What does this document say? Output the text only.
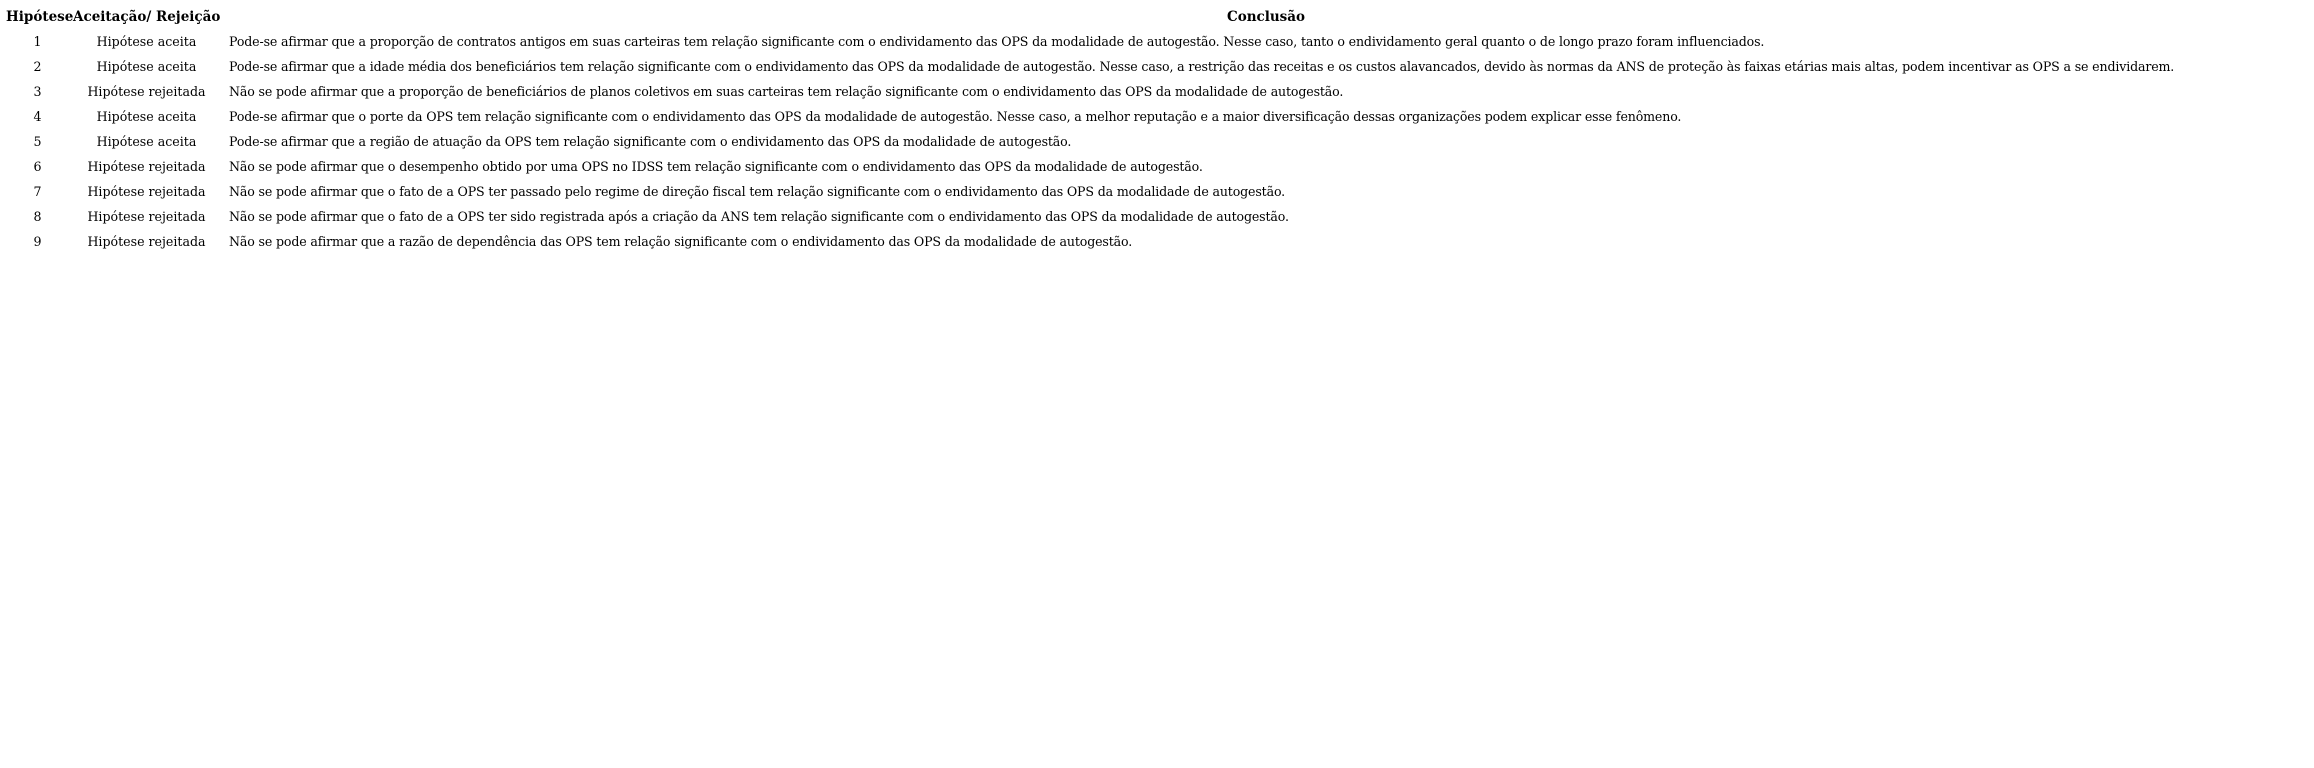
Hipótese	Aceitação/ Rejeição	Conclusão
1	Hipótese aceita	Pode-se afirmar que a proporção de contratos antigos em suas carteiras tem relação significante com o endividamento das OPS da modalidade de autogestão. Nesse caso, tanto o endividamento geral quanto o de longo prazo foram influenciados.
2	Hipótese aceita	Pode-se afirmar que a idade média dos beneficiários tem relação significante com o endividamento das OPS da modalidade de autogestão. Nesse caso, a restrição das receitas e os custos alavancados, devido às normas da ANS de proteção às faixas etárias mais altas, podem incentivar as OPS a se endividarem.
3	Hipótese rejeitada	Não se pode afirmar que a proporção de beneficiários de planos coletivos em suas carteiras tem relação significante com o endividamento das OPS da modalidade de autogestão.
4	Hipótese aceita	Pode-se afirmar que o porte da OPS tem relação significante com o endividamento das OPS da modalidade de autogestão. Nesse caso, a melhor reputação e a maior diversificação dessas organizações podem explicar esse fenômeno.
5	Hipótese aceita	Pode-se afirmar que a região de atuação da OPS tem relação significante com o endividamento das OPS da modalidade de autogestão.
6	Hipótese rejeitada	Não se pode afirmar que o desempenho obtido por uma OPS no IDSS tem relação significante com o endividamento das OPS da modalidade de autogestão.
7	Hipótese rejeitada	Não se pode afirmar que o fato de a OPS ter passado pelo regime de direção fiscal tem relação significante com o endividamento das OPS da modalidade de autogestão.
8	Hipótese rejeitada	Não se pode afirmar que o fato de a OPS ter sido registrada após a criação da ANS tem relação significante com o endividamento das OPS da modalidade de autogestão.
9	Hipótese rejeitada	Não se pode afirmar que a razão de dependência das OPS tem relação significante com o endividamento das OPS da modalidade de autogestão.
